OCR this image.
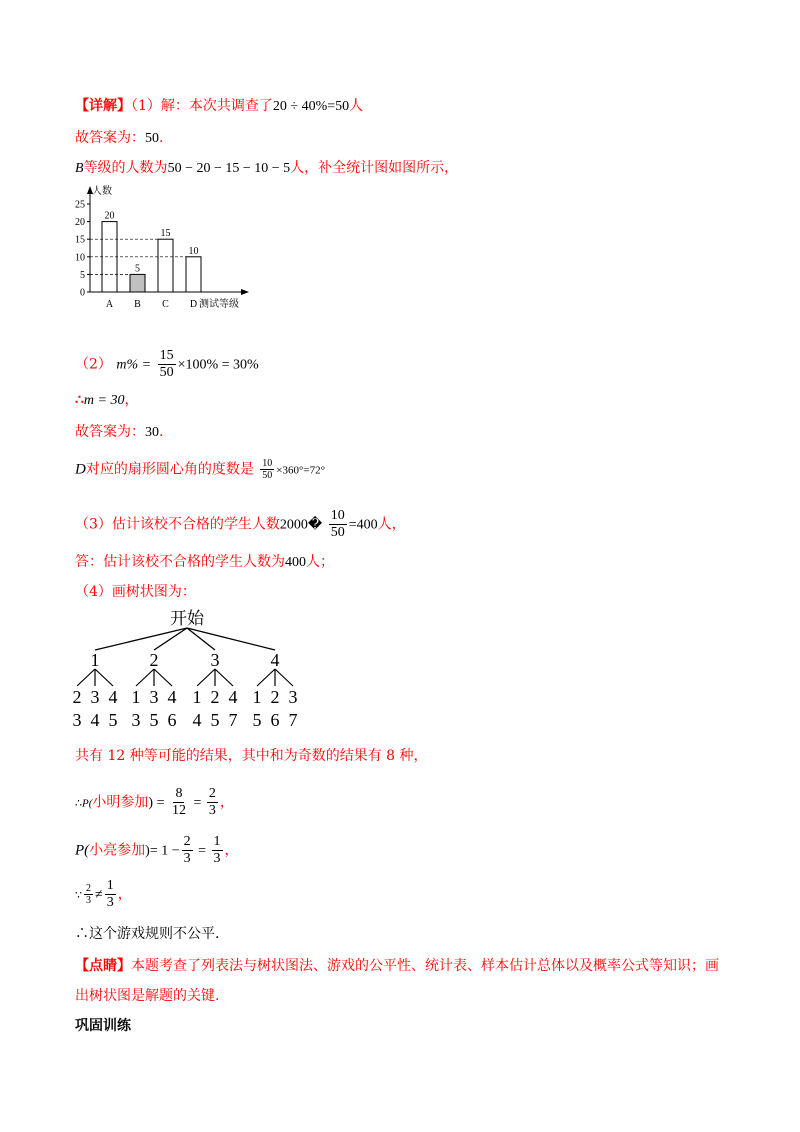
【详解】（1）解：本次共调查了20 ÷ 40%=50人
故答案为：50.
B等级的人数为50 − 20 − 15 − 10 − 5人，补全统计图如图所示，
人数
测试等级
0
5
10
15
20
25
20
A
5
B
15
C
10
D
（2） $m\% = \frac{15}{50} \times 100\% = 30\%$
∴m = 30，
故答案为：30.
D对应的扇形圆心角的度数是 $\frac{10}{50} \times 360^\circ=72^\circ$
（3）估计该校不合格的学生人数2000� $\frac{10}{50} =400$人，
答：估计该校不合格的学生人数为400人；
（4）画树状图为：
开始
1
2
3
3
4
4
5
2
1
3
3
5
4
6
3
1
4
2
5
4
7
4
1
5
2
6
3
7
共有 12 种等可能的结果，其中和为奇数的结果有 8 种，
∴P(小明参加) = $\frac{8}{12} = \frac{2}{3}$ ，
P(小亮参加)= $1 - \frac{2}{3} = \frac{1}{3}$ ，
∵ $\frac{2}{3} \ne \frac{1}{3}$ ，
∴这个游戏规则不公平.
【点睛】本题考查了列表法与树状图法、游戏的公平性、统计表、样本估计总体以及概率公式等知识；画
出树状图是解题的关键.
巩固训练
